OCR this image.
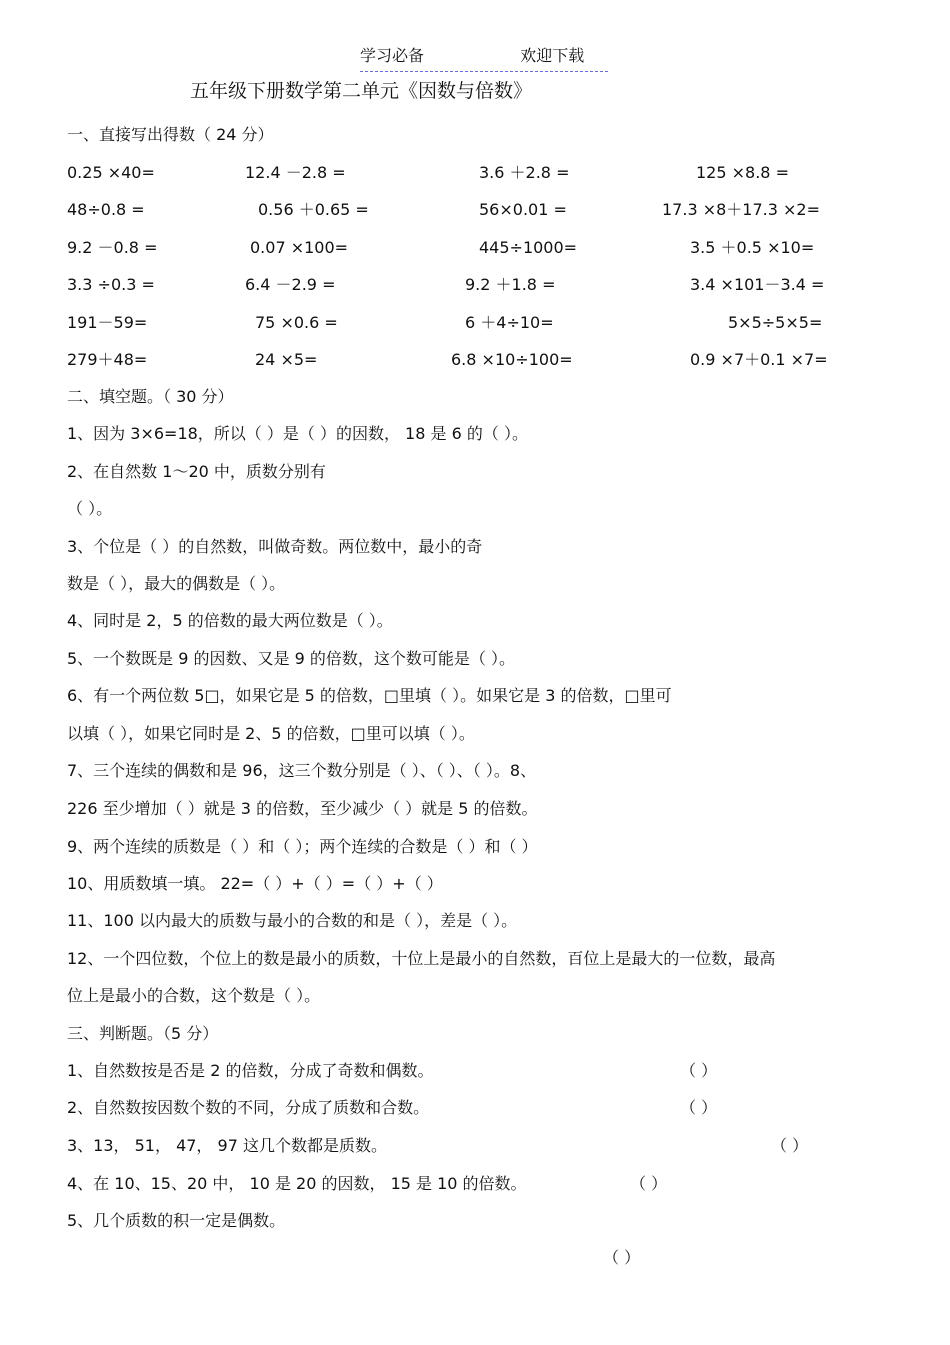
学习必备	欢迎下载
五年级下册数学第二单元《因数与倍数》
一、直接写出得数（ 24 分）
0.25 ×40=	12.4 －2.8 =	3.6 ＋2.8 =	125 ×8.8 =
48÷0.8 =	0.56 ＋0.65 =	56×0.01 =	17.3 ×8＋17.3 ×2=
9.2 －0.8 =	0.07 ×100=	445÷1000=	3.5 ＋0.5 ×10=
3.3 ÷0.3 =	6.4 －2.9 =	9.2 ＋1.8 =	3.4 ×101－3.4 =
191－59=	75 ×0.6 =	6 ＋4÷10=	5×5÷5×5=
279＋48=	24 ×5=	6.8 ×10÷100=	0.9 ×7＋0.1 ×7=
二、填空题。（ 30 分）
1、因为 3×6=18，所以（ ）是（ ）的因数， 18 是 6 的（ ）。
2、在自然数 1～20 中，质数分别有
（ ）。
3、个位是（ ）的自然数，叫做奇数。两位数中，最小的奇
数是（ ），最大的偶数是（ ）。
4、同时是 2，5 的倍数的最大两位数是（ ）。
5、一个数既是 9 的因数、又是 9 的倍数，这个数可能是（ ）。
6、有一个两位数 5□，如果它是 5 的倍数，□里填（ ）。如果它是 3 的倍数，□里可
以填（ ），如果它同时是 2、5 的倍数，□里可以填（ ）。
7、三个连续的偶数和是 96，这三个数分别是（ ）、（ ）、（ ）。8、
226 至少增加（ ）就是 3 的倍数，至少减少（ ）就是 5 的倍数。
9、两个连续的质数是（ ）和（ ）；两个连续的合数是（ ）和（ ）
10、用质数填一填。 22=（ ）+（ ）=（ ）+（ ）
11、100 以内最大的质数与最小的合数的和是（ ），差是（ ）。
12、一个四位数，个位上的数是最小的质数，十位上是最小的自然数，百位上是最大的一位数，最高
位上是最小的合数，这个数是（ ）。
三、判断题。（5 分）
1、自然数按是否是 2 的倍数，分成了奇数和偶数。	（ ）
2、自然数按因数个数的不同，分成了质数和合数。	（ ）
3、13， 51， 47， 97 这几个数都是质数。	（ ）
4、在 10、15、20 中， 10 是 20 的因数， 15 是 10 的倍数。	（ ）
5、几个质数的积一定是偶数。
（ ）
